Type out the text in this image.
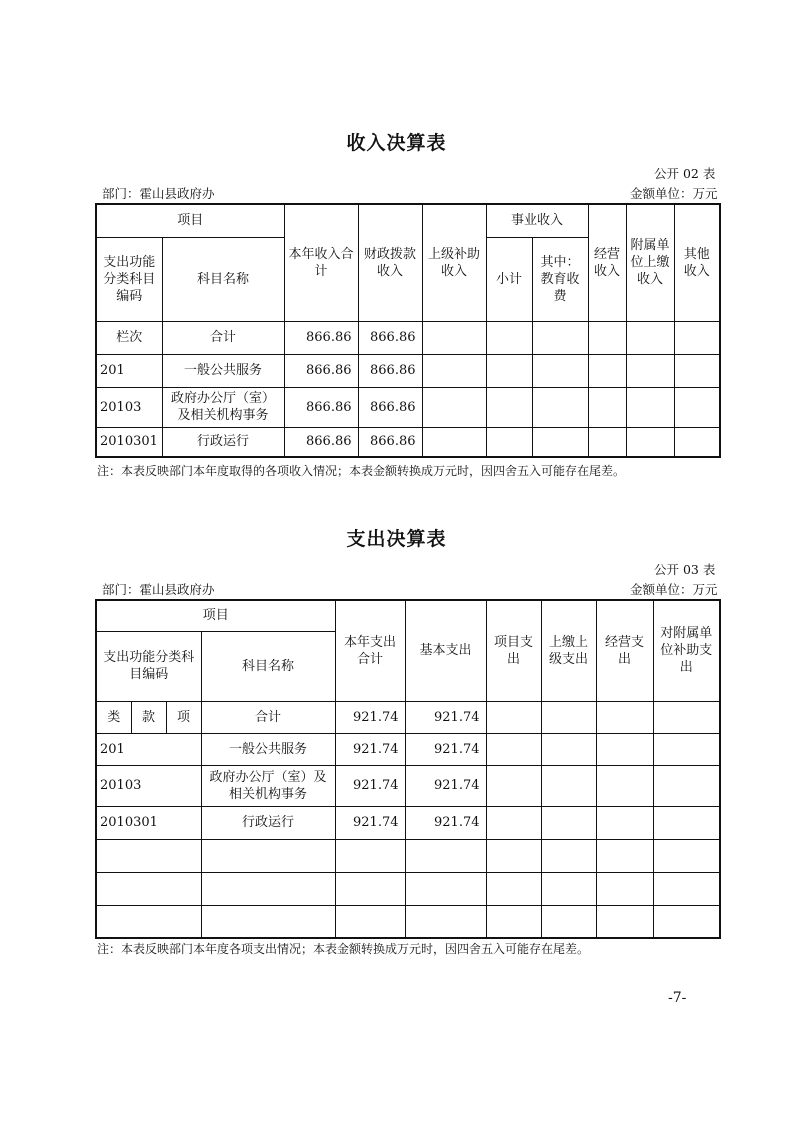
收入决算表
公开 02 表
部门：霍山县政府办	金额单位：万元
项目		本年收入合计	财政拨款收入	上级补助收入	事业收入		经营收入	附属单位上缴收入	其他收入
支出功能分类科目编码	科目名称				小计	其中：教育收费			

栏次	合计	866.86	866.86						
201	一般公共服务	866.86	866.86						
20103	政府办公厅（室）及相关机构事务	866.86	866.86						
2010301	行政运行	866.86	866.86						
注：本表反映部门本年度取得的各项收入情况；本表金额转换成万元时，因四舍五入可能存在尾差。
支出决算表
公开 03 表
部门：霍山县政府办	金额单位：万元
项目				本年支出合计	基本支出	项目支出	上缴上级支出	经营支出	对附属单位补助支出
支出功能分类科目编码			科目名称						
类	款	项	合计	921.74	921.74				
201			一般公共服务	921.74	921.74				
20103			政府办公厅（室）及相关机构事务	921.74	921.74				
2010301			行政运行	921.74	921.74				

注：本表反映部门本年度各项支出情况；本表金额转换成万元时，因四舍五入可能存在尾差。
-7-
